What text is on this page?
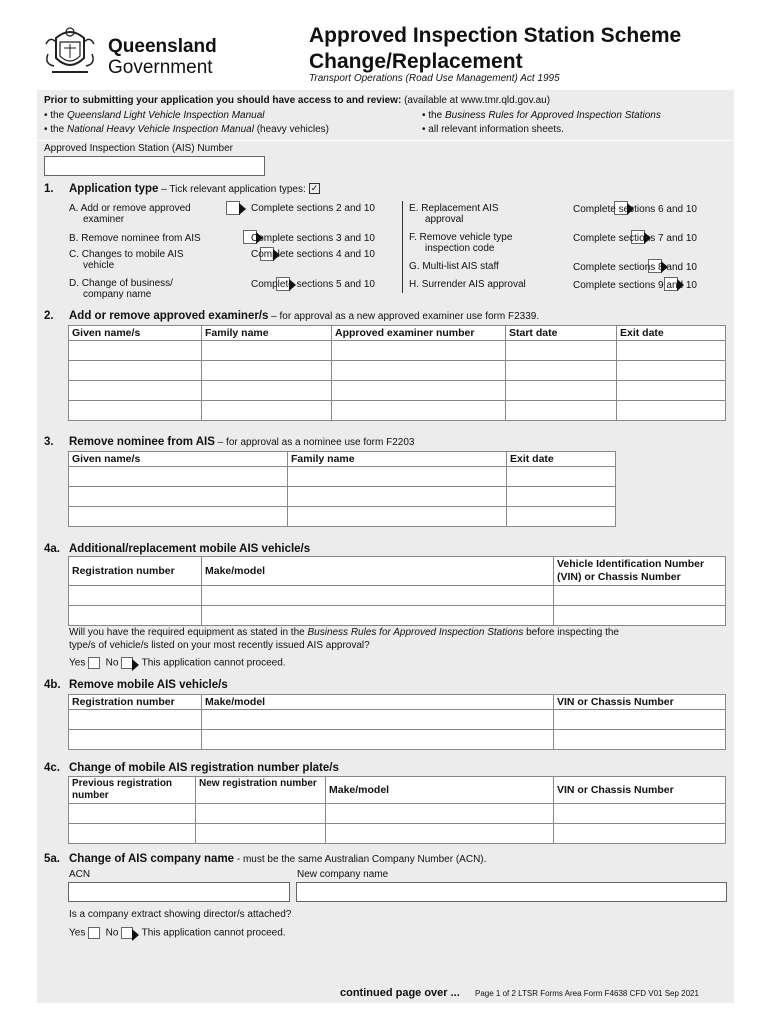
Queensland
Government
Approved Inspection Station Scheme
Change/Replacement
Transport Operations (Road Use Management) Act 1995
Prior to submitting your application you should have access to and review: (available at www.tmr.qld.gov.au)
• the Queensland Light Vehicle Inspection Manual	• the Business Rules for Approved Inspection Stations
• the National Heavy Vehicle Inspection Manual (heavy vehicles)	• all relevant information sheets.
Approved Inspection Station (AIS) Number
1. Application type – Tick relevant application types: ✓
A. Add or remove approved
examiner

Complete sections 2 and 10
B. Remove nominee from AIS
	Complete sections 3 and 10
C. Changes to mobile AIS
vehicle

Complete sections 4 and 10
D. Change of business/
company name

Complete sections 5 and 10
E. Replacement AIS
approval

Complete sections 6 and 10
F. Remove vehicle type
inspection code

Complete sections 7 and 10
G. Multi-list AIS staff
	Complete sections 8 and 10
H. Surrender AIS approval	Complete sections 9 and 10
2. Add or remove approved examiner/s – for approval as a new approved examiner use form F2339.
Given name/s	Family name	Approved examiner number	Start date	Exit date

3. Remove nominee from AIS – for approval as a nominee use form F2203
Given name/s	Family name	Exit date

4a. Additional/replacement mobile AIS vehicle/s
Registration number	Make/model	Vehicle Identification Number (VIN) or Chassis Number

Will you have the required equipment as stated in the Business Rules for Approved Inspection Stations before inspecting the
type/s of vehicle/s listed on your most recently issued AIS approval?
Yes No This application cannot proceed.
4b. Remove mobile AIS vehicle/s
Registration number	Make/model	VIN or Chassis Number

4c. Change of mobile AIS registration number plate/s
Previous registration number	New registration number	Make/model	VIN or Chassis Number

5a. Change of AIS company name - must be the same Australian Company Number (ACN).
ACN	New company name
Is a company extract showing director/s attached?
Yes No This application cannot proceed.
continued page over ... Page 1 of 2 LTSR Forms Area Form F4638 CFD V01 Sep 2021
